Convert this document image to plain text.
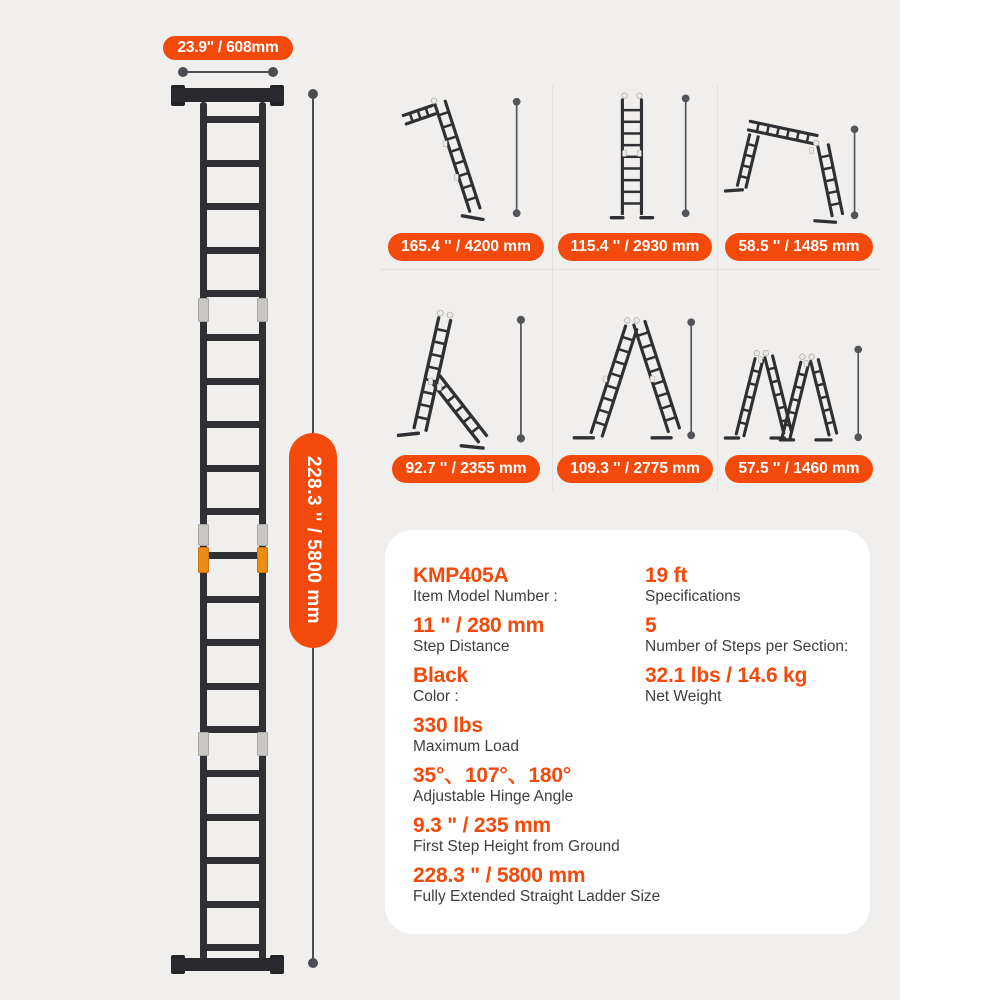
23.9'' / 608mm
228.3 '' / 5800 mm
165.4 '' / 4200 mm	115.4 '' / 2930 mm	58.5 '' / 1485 mm
92.7 '' / 2355 mm	109.3 '' / 2775 mm	57.5 '' / 1460 mm
KMP405A
Item Model Number :
11 " / 280 mm
Step Distance
Black
Color :
330 lbs
Maximum Load
35°、107°、180°
Adjustable Hinge Angle
9.3 " / 235 mm
First Step Height from Ground
228.3 " / 5800 mm
Fully Extended Straight Ladder Size
19 ft
Specifications
5
Number of Steps per Section:
32.1 lbs / 14.6 kg
Net Weight
